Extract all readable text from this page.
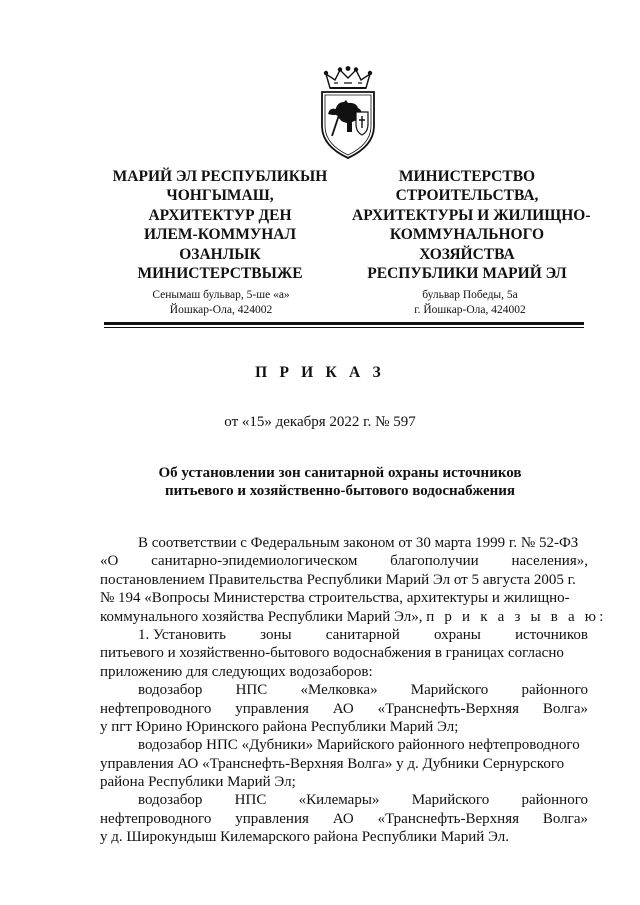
МАРИЙ ЭЛ РЕСПУБЛИКЫН
ЧОНГЫМАШ,
АРХИТЕКТУР ДЕН
ИЛЕМ-КОММУНАЛ
ОЗАНЛЫК
МИНИСТЕРСТВЫЖЕ
МИНИСТЕРСТВО
СТРОИТЕЛЬСТВА,
АРХИТЕКТУРЫ И ЖИЛИЩНО-
КОММУНАЛЬНОГО
ХОЗЯЙСТВА
РЕСПУБЛИКИ МАРИЙ ЭЛ
Сенымаш бульвар, 5-ше «а»
Йошкар-Ола, 424002
бульвар Победы, 5а
г. Йошкар-Ола, 424002
П Р И К А З
от «15» декабря 2022 г. № 597
Об установлении зон санитарной охраны источников
питьевого и хозяйственно-бытового водоснабжения
В соответствии с Федеральным законом от 30 марта 1999 г. № 52-ФЗ
«О санитарно-эпидемиологическом благополучии населения»,
постановлением Правительства Республики Марий Эл от 5 августа 2005 г.
№ 194 «Вопросы Министерства строительства, архитектуры и жилищно-
коммунального хозяйства Республики Марий Эл», п р и к а з ы в а ю:
1. Установить зоны санитарной охраны источников
питьевого и хозяйственно-бытового водоснабжения в границах согласно
приложению для следующих водозаборов:
водозабор НПС «Мелковка» Марийского районного
нефтепроводного управления АО «Транснефть-Верхняя Волга»
у пгт Юрино Юринского района Республики Марий Эл;
водозабор НПС «Дубники» Марийского районного нефтепроводного
управления АО «Транснефть-Верхняя Волга» у д. Дубники Сернурского
района Республики Марий Эл;
водозабор НПС «Килемары» Марийского районного
нефтепроводного управления АО «Транснефть-Верхняя Волга»
у д. Широкундыш Килемарского района Республики Марий Эл.
